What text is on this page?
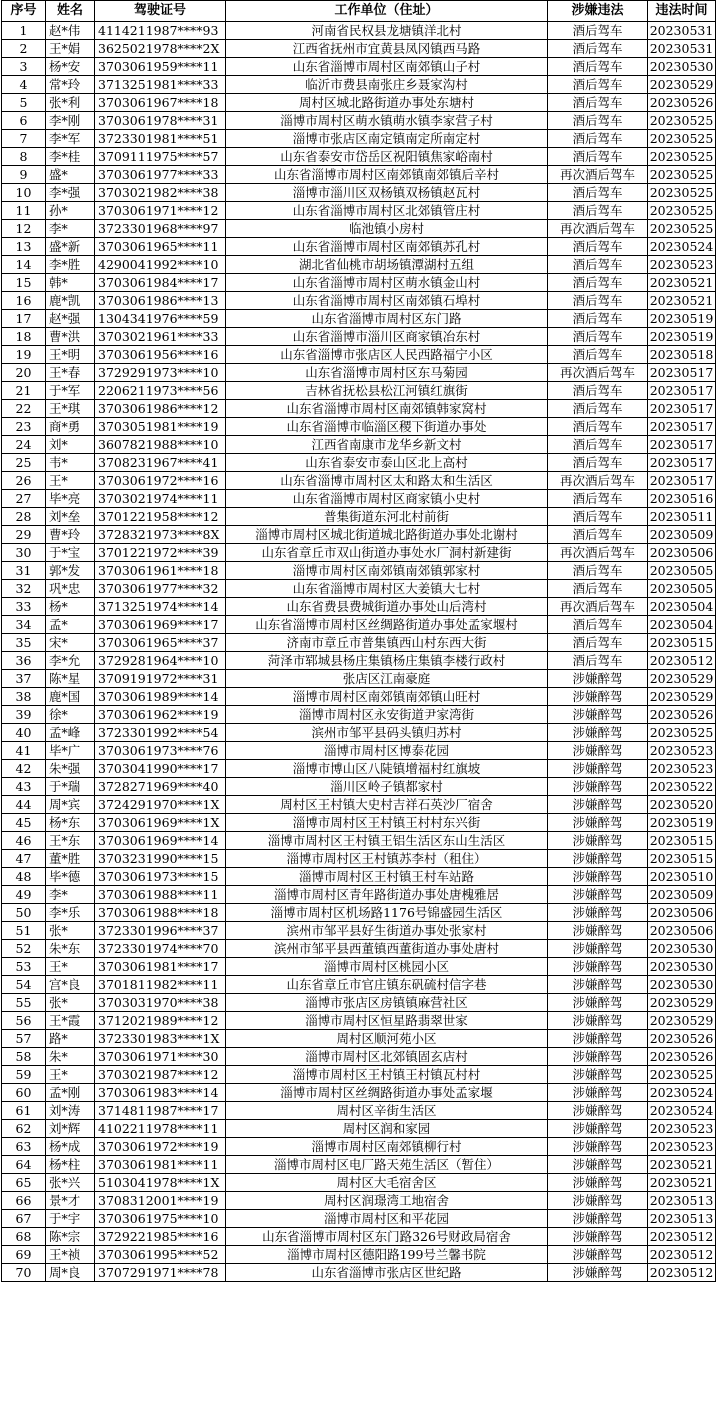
序号	姓名	驾驶证号	工作单位（住址）	涉嫌违法	违法时间
1	赵*伟	4114211987****93	河南省民权县龙塘镇洋北村	酒后驾车	20230531
2	王*娟	3625021978****2X	江西省抚州市宜黄县凤冈镇西马路	酒后驾车	20230531
3	杨*安	3703061959****11	山东省淄博市周村区南郊镇山子村	酒后驾车	20230530
4	常*玲	3713251981****33	临沂市费县南张庄乡聂家沟村	酒后驾车	20230529
5	张*利	3703061967****18	周村区城北路街道办事处东塘村	酒后驾车	20230526
6	李*刚	3703061978****31	淄博市周村区萌水镇萌水镇李家营子村	酒后驾车	20230525
7	李*军	3723301981****51	淄博市张店区南定镇南定所南定村	酒后驾车	20230525
8	李*桂	3709111975****57	山东省泰安市岱岳区祝阳镇焦家峪南村	酒后驾车	20230525
9	盛*	3703061977****33	山东省淄博市周村区南郊镇南郊镇后辛村	再次酒后驾车	20230525
10	李*强	3703021982****38	淄博市淄川区双杨镇双杨镇赵瓦村	酒后驾车	20230525
11	孙*	3703061971****12	山东省淄博市周村区北郊镇管庄村	酒后驾车	20230525
12	李*	3723301968****97	临池镇小房村	再次酒后驾车	20230525
13	盛*新	3703061965****11	山东省淄博市周村区南郊镇苏孔村	酒后驾车	20230524
14	李*胜	4290041992****10	湖北省仙桃市胡场镇潭湖村五组	酒后驾车	20230523
15	韩*	3703061984****17	山东省淄博市周村区萌水镇金山村	酒后驾车	20230521
16	鹿*凯	3703061986****13	山东省淄博市周村区南郊镇石埠村	酒后驾车	20230521
17	赵*强	1304341976****59	山东省淄博市周村区东门路	酒后驾车	20230519
18	曹*洪	3703021961****33	山东省淄博市淄川区商家镇冶东村	酒后驾车	20230519
19	王*明	3703061956****16	山东省淄博市张店区人民西路福宁小区	酒后驾车	20230518
20	王*春	3729291973****10	山东省淄博市周村区东马菊园	再次酒后驾车	20230517
21	于*军	2206211973****56	吉林省抚松县松江河镇红旗街	酒后驾车	20230517
22	王*琪	3703061986****12	山东省淄博市周村区南郊镇韩家窝村	酒后驾车	20230517
23	商*勇	3703051981****19	山东省淄博市临淄区稷下街道办事处	酒后驾车	20230517
24	刘*	3607821988****10	江西省南康市龙华乡新文村	酒后驾车	20230517
25	韦*	3708231967****41	山东省泰安市泰山区北上高村	酒后驾车	20230517
26	王*	3703061972****16	山东省淄博市周村区太和路太和生活区	再次酒后驾车	20230517
27	毕*亮	3703021974****11	山东省淄博市周村区商家镇小史村	酒后驾车	20230516
28	刘*垒	3701221958****12	普集街道东河北村前街	酒后驾车	20230511
29	曹*玲	3728321973****8X	淄博市周村区城北街道城北路街道办事处北谢村	酒后驾车	20230509
30	于*宝	3701221972****39	山东省章丘市双山街道办事处水厂洞村新建街	再次酒后驾车	20230506
31	郭*发	3703061961****18	淄博市周村区南郊镇南郊镇郭家村	酒后驾车	20230505
32	巩*忠	3703061977****32	山东省淄博市周村区大姜镇大七村	酒后驾车	20230505
33	杨*	3713251974****14	山东省费县费城街道办事处山后湾村	再次酒后驾车	20230504
34	孟*	3703061969****17	山东省淄博市周村区丝绸路街道办事处孟家堰村	酒后驾车	20230504
35	宋*	3703061965****37	济南市章丘市普集镇西山村东西大街	酒后驾车	20230515
36	李*允	3729281964****10	菏泽市郓城县杨庄集镇杨庄集镇李楼行政村	酒后驾车	20230512
37	陈*星	3709191972****31	张店区江南豪庭	涉嫌醉驾	20230529
38	鹿*国	3703061989****14	淄博市周村区南郊镇南郊镇山旺村	涉嫌醉驾	20230529
39	徐*	3703061962****19	淄博市周村区永安街道尹家湾街	涉嫌醉驾	20230526
40	孟*峰	3723301992****54	滨州市邹平县码头镇归苏村	涉嫌醉驾	20230525
41	毕*广	3703061973****76	淄博市周村区博泰花园	涉嫌醉驾	20230523
42	朱*强	3703041990****17	淄博市博山区八陡镇增福村红旗坡	涉嫌醉驾	20230523
43	于*瑞	3728271969****40	淄川区岭子镇都家村	涉嫌醉驾	20230522
44	周*宾	3724291970****1X	周村区王村镇大史村吉祥石英沙厂宿舍	涉嫌醉驾	20230520
45	杨*东	3703061969****1X	淄博市周村区王村镇王村村东兴街	涉嫌醉驾	20230519
46	王*东	3703061969****14	淄博市周村区王村镇王铝生活区东山生活区	涉嫌醉驾	20230515
47	董*胜	3703231990****15	淄博市周村区王村镇苏李村（租住）	涉嫌醉驾	20230515
48	毕*德	3703061973****15	淄博市周村区王村镇王村车站路	涉嫌醉驾	20230510
49	李*	3703061988****11	淄博市周村区青年路街道办事处唐槐雅居	涉嫌醉驾	20230509
50	李*乐	3703061988****18	淄博市周村区机场路1176号锦盛园生活区	涉嫌醉驾	20230506
51	张*	3723301996****37	滨州市邹平县好生街道办事处张家村	涉嫌醉驾	20230506
52	朱*东	3723301974****70	滨州市邹平县西董镇西董街道办事处唐村	涉嫌醉驾	20230530
53	王*	3703061981****17	淄博市周村区桃园小区	涉嫌醉驾	20230530
54	宫*良	3701811982****11	山东省章丘市官庄镇东矾硫村信字巷	涉嫌醉驾	20230530
55	张*	3703031970****38	淄博市张店区房镇镇麻营社区	涉嫌醉驾	20230529
56	王*霞	3712021989****12	淄博市周村区恒星路翡翠世家	涉嫌醉驾	20230529
57	路*	3723301983****1X	周村区顺河苑小区	涉嫌醉驾	20230526
58	朱*	3703061971****30	淄博市周村区北郊镇固玄店村	涉嫌醉驾	20230526
59	王*	3703021987****12	淄博市周村区王村镇王村镇瓦村村	涉嫌醉驾	20230525
60	孟*刚	3703061983****14	淄博市周村区丝绸路街道办事处孟家堰	涉嫌醉驾	20230524
61	刘*涛	3714811987****17	周村区辛街生活区	涉嫌醉驾	20230524
62	刘*辉	4102211978****11	周村区润和家园	涉嫌醉驾	20230523
63	杨*成	3703061972****19	淄博市周村区南郊镇柳行村	涉嫌醉驾	20230523
64	杨*柱	3703061981****11	淄博市周村区电厂路天苑生活区（暂住）	涉嫌醉驾	20230521
65	张*兴	5103041978****1X	周村区大毛宿舍区	涉嫌醉驾	20230521
66	景*才	3708312001****19	周村区润璟湾工地宿舍	涉嫌醉驾	20230513
67	于*宇	3703061975****10	淄博市周村区和平花园	涉嫌醉驾	20230513
68	陈*宗	3729221985****16	山东省淄博市周村区东门路326号财政局宿舍	涉嫌醉驾	20230512
69	王*祯	3703061995****52	淄博市周村区德阳路199号兰馨书院	涉嫌醉驾	20230512
70	周*良	3707291971****78	山东省淄博市张店区世纪路	涉嫌醉驾	20230512
